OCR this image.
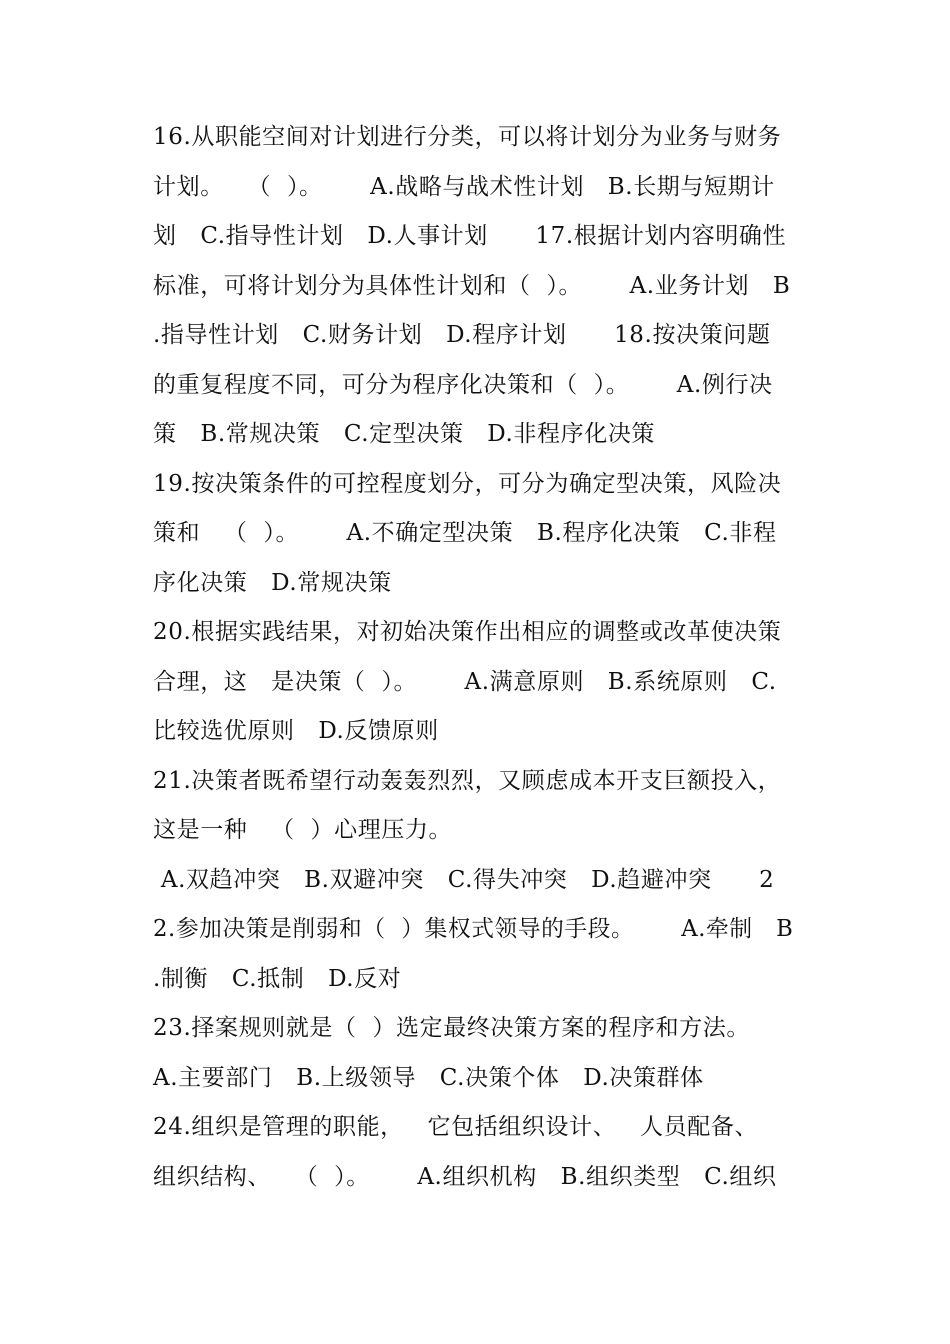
16.从职能空间对计划进行分类，可以将计划分为业务与财务
计划。   （  ）。      A.战略与战术性计划   B.长期与短期计
划   C.指导性计划   D.人事计划      17.根据计划内容明确性
标准，可将计划分为具体性计划和（  ）。      A.业务计划   B
.指导性计划   C.财务计划   D.程序计划      18.按决策问题
的重复程度不同，可分为程序化决策和（  ）。      A.例行决
策   B.常规决策   C.定型决策   D.非程序化决策
19.按决策条件的可控程度划分，可分为确定型决策，风险决
策和   （  ）。      A.不确定型决策   B.程序化决策   C.非程
序化决策   D.常规决策
20.根据实践结果，对初始决策作出相应的调整或改革使决策
合理，这   是决策（  ）。      A.满意原则   B.系统原则   C.
比较选优原则   D.反馈原则
21.决策者既希望行动轰轰烈烈，又顾虑成本开支巨额投入，
这是一种   （  ）心理压力。
A.双趋冲突   B.双避冲突   C.得失冲突   D.趋避冲突      2
2.参加决策是削弱和（  ）集权式领导的手段。      A.牵制   B
.制衡   C.抵制   D.反对
23.择案规则就是（  ）选定最终决策方案的程序和方法。
A.主要部门   B.上级领导   C.决策个体   D.决策群体
24.组织是管理的职能，   它包括组织设计、   人员配备、
组织结构、   （  ）。      A.组织机构   B.组织类型   C.组织
